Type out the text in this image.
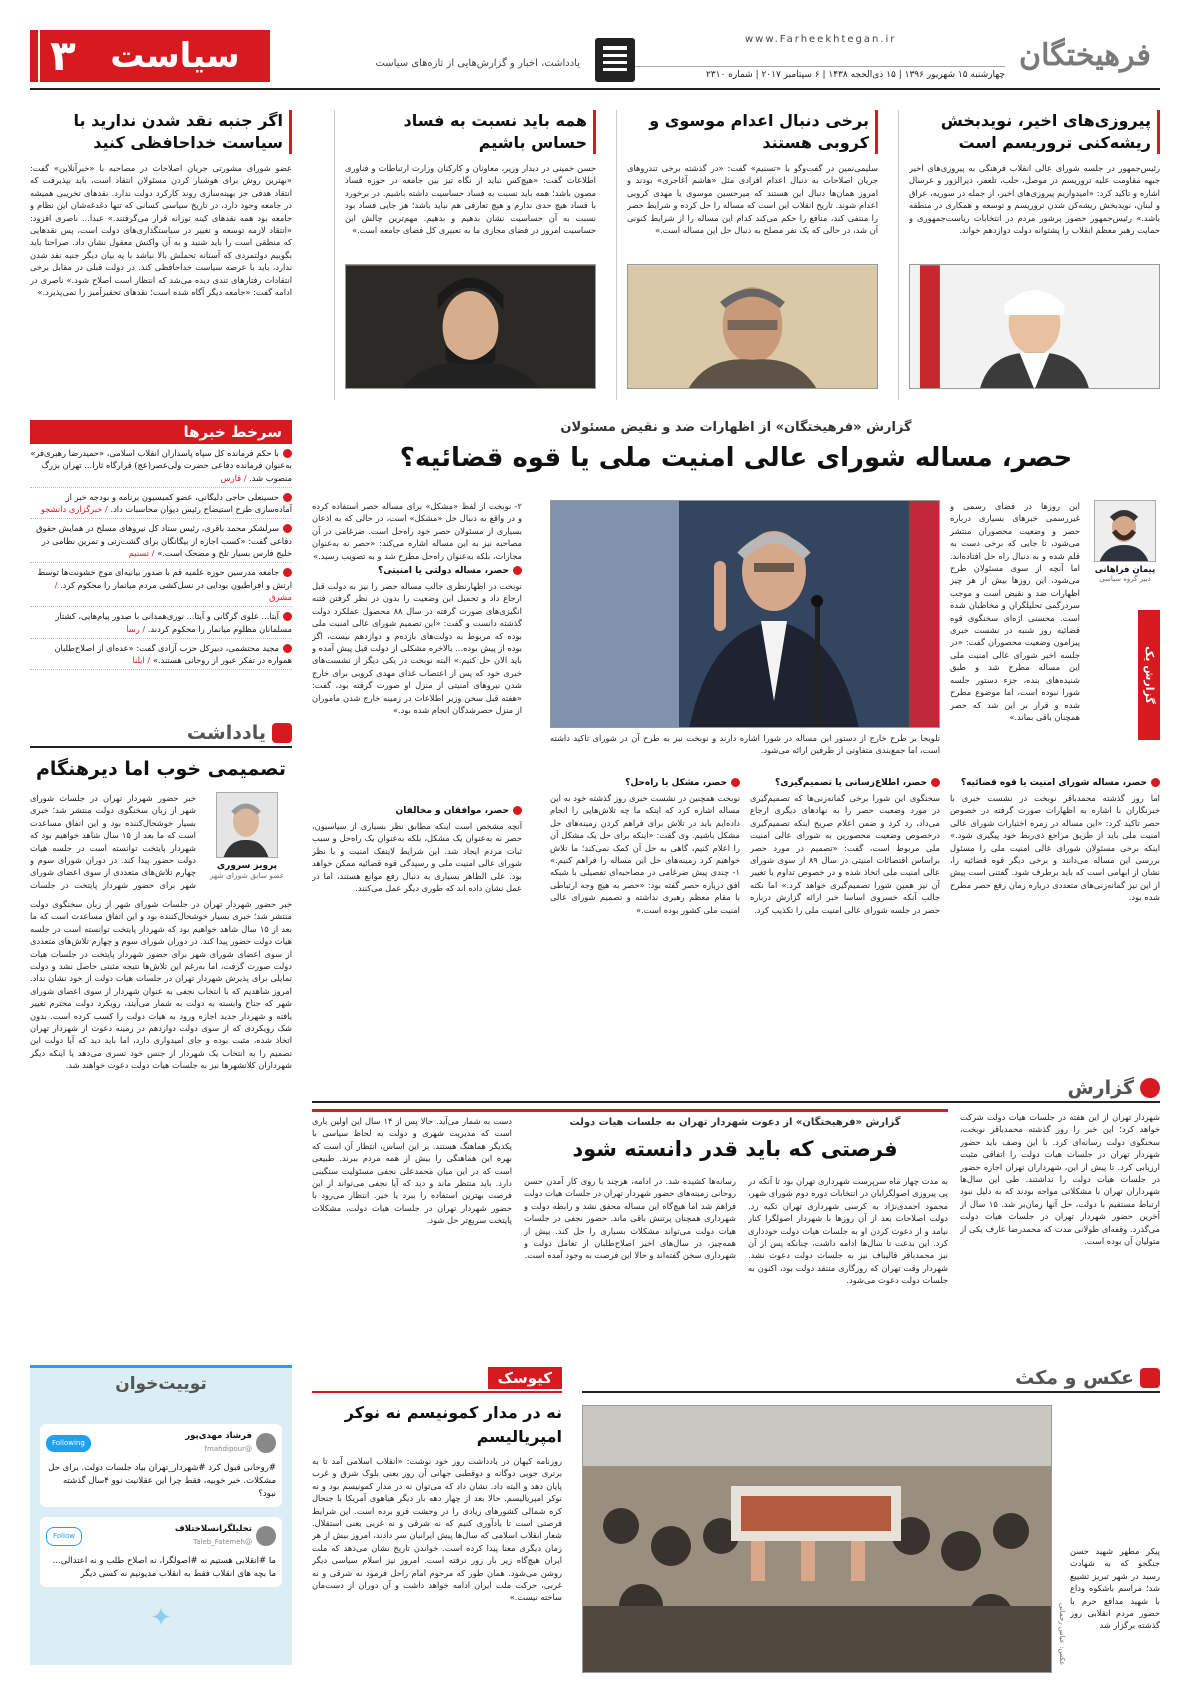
فرهیختگان
www.Farheekhtegan.ir
چهارشنبه ۱۵ شهریور ۱۳۹۶ | ۱۵ ذی‌الحجه ۱۴۳۸ | ۶ سپتامبر ۲۰۱۷ | شماره ۲۳۱۰
یادداشت، اخبار و گزارش‌هایی از تازه‌های سیاست
۳	سیاست
پیروزی‌های اخیر، نویدبخش ریشه‌کنی تروریسم است
رئیس‌جمهور در جلسه شورای عالی انقلاب فرهنگی به پیروزی‌های اخیر جبهه مقاومت علیه تروریسم در موصل، حلب، تلعفر، دیرالزور و عرسال اشاره و تاکید کرد: «امیدواریم پیروزی‌های اخیر، از جمله در سوریه، عراق و لبنان، نویدبخش ریشه‌کن شدن تروریسم و توسعه و همکاری در منطقه باشد.» رئیس‌جمهور حضور پرشور مردم در انتخابات ریاست‌جمهوری و حمایت رهبر معظم انقلاب را پشتوانه دولت دوازدهم خواند.
برخی دنبال اعدام موسوی و کروبی هستند
سلیمی‌نمین در گفت‌وگو با «تسنیم» گفت: «در گذشته برخی تندروهای جریان اصلاحات به دنبال اعدام افرادی مثل «هاشم آغاجری» بودند و امروز همان‌ها دنبال این هستند که میرحسین موسوی یا مهدی کروبی اعدام شوند. تاریخ انقلاب این است که مساله را حل کرده و شرایط حصر را منتفی کند، منافع را حکم می‌کند کدام این مساله را از شرایط کنونی آن شد، در حالی که یک نفر مصلح به دنبال حل این مساله است.»
همه باید نسبت به فساد حساس باشیم
حسن خمینی در دیدار وزیر، معاونان و کارکنان وزارت ارتباطات و فناوری اطلاعات گفت: «هیچ‌کس نباید از نگاه تیز بین جامعه در حوزه فساد مصون باشد؛ همه باید نسبت به فساد حساسیت داشته باشیم. در برخورد با فساد هیچ حدی ندارم و هیچ تعارفی هم نباید باشد؛ هر جایی فساد بود نسبت به آن حساسیت نشان بدهیم و بدهیم. مهم‌ترین چالش این حساسیت امروز در فضای مجازی ما به تعبیری کل فضای جامعه است.»
اگر جنبه نقد شدن ندارید با سیاست خداحافظی کنید
عضو شورای مشورتی جریان اصلاحات در مصاحبه با «خبرآنلاین» گفت: «بهترین روش برای هوشیار کردن مسئولان انتقاد است، باید بپذیرفت که انتقاد هدفی جز بهینه‌سازی روند کارکرد دولت ندارد. نقدهای تخریبی همیشه در جامعه وجود دارد، در تاریخ سیاسی کسانی که تنها دغدغه‌شان این نظام و جامعه بود همه نقدهای کینه توزانه قرار می‌گرفتند.» عبدا... ناصری افزود: «انتقاد لازمه توسعه و تغییر در سیاستگذاری‌های دولت است، پس نقدهایی که منطقی است را باید شنید و به آن واکنش معقول نشان داد. صراحتا باید بگوییم دولتمردی که آستانه تحملش بالا نباشد با یه بیان دیگر جنبه نقد شدن ندارد، باید با عرصه سیاست خداحافظی کند. در دولت قبلی در مقابل برخی انتقادات رفتارهای تندی دیده می‌شد که انتظار است اصلاح شود.» ناصری در ادامه گفت: «جامعه دیگر آگاه شده است؛ نقدهای تحقیرآمیز را نمی‌پذیرد.»
سرخط خبرها
با حکم فرمانده کل سپاه پاسداران انقلاب اسلامی، «حمیدرضا رهبری‌فر» به‌عنوان فرمانده دفاعی حضرت ولی‌عصر(عج) قرارگاه ثارا... تهران بزرگ منصوب شد. / فارس
حسینعلی حاجی دلیگانی، عضو کمیسیون برنامه و بودجه خبر از آماده‌سازی طرح استیضاح رئیس دیوان محاسبات داد. / خبرگزاری دانشجو
سرلشکر محمد باقری، رئیس ستاد کل نیروهای مسلح در همایش حقوق دفاعی گفت: «کسب اجازه از بیگانگان برای گشت‌زنی و تمرین نظامی در خلیج فارس بسیار تلخ و مضحک است.» / تسنیم
جامعه مدرسین حوزه علمیه قم با صدور بیانیه‌ای موج خشونت‌ها توسط ارتش و افراطیون بودایی در نسل‌کشی مردم میانمار را محکوم کرد. / مشرق
آیتا... علوی گرگانی و آیتا... نوری‌همدانی با صدور پیام‌هایی، کشتار مسلمانان مظلوم میانمار را محکوم کردند. / رسا
مجید محتشمی، دبیرکل حزب آزادی گفت: «عده‌ای از اصلاح‌طلبان همواره در تفکر عبور از روحانی هستند.» / ایلنا
یادداشت
تصمیمی خوب اما دیرهنگام
پرویز سروری
عضو سابق شورای شهر
خبر حضور شهردار تهران در جلسات شورای شهر از زبان سخنگوی دولت منتشر شد؛ خبری بسیار خوشحال‌کننده بود و این اتفاق مساعدت است که ما بعد از ۱۵ سال شاهد خواهیم بود که شهردار پایتخت توانسته است در جلسه هیات دولت حضور پیدا کند. در دوران شورای سوم و چهارم تلاش‌های متعددی از سوی اعضای شورای شهر برای حضور شهردار پایتخت در جلسات
خبر حضور شهردار تهران در جلسات شورای شهر از زبان سخنگوی دولت منتشر شد؛ خبری بسیار خوشحال‌کننده بود و این اتفاق مساعدت است که ما بعد از ۱۵ سال شاهد خواهیم بود که شهردار پایتخت توانسته است در جلسه هیات دولت حضور پیدا کند. در دوران شورای سوم و چهارم تلاش‌های متعددی از سوی اعضای شورای شهر برای حضور شهردار پایتخت در جلسات هیات دولت صورت گرفت، اما به‌رغم این تلاش‌ها نتیجه مثبتی حاصل نشد و دولت تمایلی برای پذیرش شهردار تهران در جلسات هیات دولت از خود نشان نداد. امروز شاهدیم که با انتخاب نجفی به عنوان شهردار از سوی اعضای شورای شهر که جناح وابسته به دولت به شمار می‌آیند، رویکرد دولت محترم تغییر یافته و شهردار جدید اجازه ورود به هیات دولت را کسب کرده است. بدون شک رویکردی که از سوی دولت دوازدهم در زمینه دعوت از شهردار تهران اتخاذ شده، مثبت بوده و جای امیدواری دارد، اما باید دید که آیا دولت این تصمیم را به انتخاب یک شهردار از جنس خود تسری می‌دهد یا اینکه دیگر شهرداران کلانشهرها نیز به جلسات هیات دولت دعوت خواهند شد.
گزارش «فرهیختگان» از اظهارات ضد و نقیض مسئولان
حصر، مساله شورای عالی امنیت ملی یا قوه قضائیه؟
پیمان فراهانی
دبیر گروه سیاسی
گزارش یک
این روزها در فضای رسمی و غیررسمی خبرهای بسیاری درباره حصر و وضعیت محصوران منتشر می‌شود، تا جایی که برخی دست به قلم شده و به دنبال راه حل افتاده‌اند. اما آنچه از سوی مسئولان طرح می‌شود، این روزها بیش از هر چیز اظهارات ضد و نقیض است و موجب سردرگمی تحلیلگران و مخاطبان شده است. محسنی اژه‌ای سخنگوی قوه قضائیه روز شنبه در نشست خبری پیرامون وضعیت محصوران گفت: «در جلسه اخیر شورای عالی امنیت ملی این مساله مطرح شد و طبق شنیده‌های بنده، جزء دستور جلسه شورا نبوده است، اما موضوع مطرح شده و قرار بر این شد که حصر همچنان باقی بماند.»
تلویحا بر طرح خارج از دستور این مساله در شورا اشاره دارند و نوبخت نیز به طرح آن در شورای تاکید داشته است، اما جمع‌بندی متفاوتی از طرفین ارائه می‌شود.
۲- نوبخت از لفظ «مشکل» برای مساله حصر استفاده کرده و در واقع به دنبال حل «مشکل» است، در حالی که به اذعان بسیاری از مسئولان حصر خود راه‌حل است. ضرغامی در آن مصاحبه نیز به این مساله اشاره می‌کند: «حصر نه به‌عنوان مجازات، بلکه به‌عنوان راه‌حل مطرح شد و به تصویب رسید.»
حصر، مساله دولتی یا امنیتی؟
نوبخت در اظهارنظری جالب مساله حصر را نیز به دولت قبل ارجاع داد و تحمیل این وضعیت را بدون در نظر گرفتن فتنه انگیزی‌های صورت گرفته در سال ۸۸ محصول عملکرد دولت گذشته دانست و گفت: «این تصمیم شورای عالی امنیت ملی بوده که مربوط به دولت‌های بازده‌م و دوازدهم نیست، اگر بوده از پیش بوده... بالاخره مشکلی از دولت قبل پیش آمده و باید الان حل کنیم.» البته نوبخت در یکی دیگر از نشست‌های خبری خود که پس از اعتصاب غذای مهدی کروبی برای خارج شدن نیروهای امنیتی از منزل او صورت گرفته بود، گفت: «هفته قبل سخن وزیر اطلاعات در زمینه خارج شدن ماموران از منزل حصرشدگان انجام شده بود.»
حصر، مساله شورای امنیت یا قوه قضائیه؟
اما روز گذشته محمدباقر نوبخت در نشست خبری با خبرنگاران با اشاره به اظهارات صورت گرفته در خصوص حصر تاکید کرد: «این مساله در زمره اختیارات شورای عالی امنیت ملی باید از طریق مراجع ذی‌ربط خود پیگیری شود.» اینکه برخی مسئولان شورای عالی امنیت ملی را مسئول بررسی این مساله می‌دانند و برخی دیگر قوه قضائیه را، نشان از ابهامی است که باید برطرف شود. گفتنی است پیش از این نیز گمانه‌زنی‌های متعددی درباره زمان رفع حصر مطرح شده بود.
حصر، اطلاع‌رسانی یا تصمیم‌گیری؟
سخنگوی این شورا برخی گمانه‌زنی‌ها که تصمیم‌گیری در مورد وضعیت حصر را به نهادهای دیگری ارجاع می‌داد، رد کرد و ضمن اعلام صریح اینکه تصمیم‌گیری درخصوص وضعیت محصورین به شورای عالی امنیت ملی مربوط است، گفت: «تصمیم در مورد حصر براساس اقتضائات امنیتی در سال ۸۹ از سوی شورای عالی امنیت ملی اتخاذ شده و در خصوص تداوم یا تغییر آن نیز همین شورا تصمیم‌گیری خواهد کرد.» اما نکته جالب آنکه خسروی اساسا خبر ارائه گزارش درباره حصر در جلسه شورای عالی امنیت ملی را تکذیب کرد.
حصر، مشکل یا راه‌حل؟
نوبخت همچنین در نشست خبری روز گذشته خود به این مساله اشاره کرد که اینکه ما چه تلاش‌هایی را انجام داده‌ایم باید در تلاش برای فراهم کردن زمینه‌های حل مشکل باشیم. وی گفت: «اینکه برای حل یک مشکل آن را اعلام کنیم، گاهی به حل آن کمک نمی‌کند؛ ما تلاش خواهیم کرد زمینه‌های حل این مساله را فراهم کنیم.» ۱- چندی پیش ضرغامی در مصاحبه‌ای تفصیلی با شبکه افق درباره حصر گفته بود: «حصر به هیچ وجه ارتباطی با مقام معظم رهبری نداشته و تصمیم شورای عالی امنیت ملی کشور بوده است.»
حصر، موافقان و مخالفان
آنچه مشخص است اینکه مطابق نظر بسیاری از سیاسیون، حصر نه به‌عنوان یک مشکل، بلکه به‌عنوان یک راه‌حل و سبب ثبات مردم ایجاد شد. این شرایط لاینفک امنیت و با نظر شورای عالی امنیت ملی و رسیدگی قوه قضائیه ممکن خواهد بود. علی الظاهر بسیاری به دنبال رفع موانع هستند، اما در عمل نشان داده اند که طوری دیگر عمل می‌کنند.
گزارش
گزارش «فرهیختگان» از دعوت شهردار تهران به جلسات هیات دولت
فرصتی که باید قدر دانسته شود
شهردار تهران از این هفته در جلسات هیات دولت شرکت خواهد کرد؛ این خبر را روز گذشته محمدباقر نوبخت، سخنگوی دولت رسانه‌ای کرد. با این وصف باید حضور شهردار تهران در جلسات هیات دولت را اتفاقی مثبت ارزیابی کرد. تا پیش از این، شهرداران تهران اجازه حضور در جلسات هیات دولت را نداشتند. طی این سال‌ها شهرداران تهران با مشکلاتی مواجه بودند که به دلیل نبود ارتباط مستقیم با دولت، حل آنها زمان‌بر شد. ۱۵ سال از آخرین حضور شهردار تهران در جلسات هیات دولت می‌گذرد. وقفه‌ای طولانی مدت که محمدرضا عارف یکی از متولیان آن بوده است.
به مدت چهار ماه سرپرست شهرداری تهران بود تا آنکه در پی پیروزی اصولگرایان در انتخابات دوره دوم شورای شهر، محمود احمدی‌نژاد به کرسی شهرداری تهران تکیه زد. دولت اصلاحات بعد از آن روزها با شهردار اصولگرا کنار نیامد و از دعوت کردن او به جلسات هیات دولت خودداری کرد. این بدعت تا سال‌ها ادامه داشت، چنانکه پس از آن نیز محمدباقر قالیباف نیز به جلسات دولت دعوت نشد. شهردار وقت تهران که روزگاری منتقد دولت بود، اکنون به جلسات دولت دعوت می‌شود.
رسانه‌ها کشیده شد. در ادامه، هرچند با روی کار آمدن حسن روحانی زمینه‌های حضور شهردار تهران در جلسات هیات دولت فراهم شد اما هیچ‌گاه این مساله محقق نشد و رابطه دولت و شهرداری همچنان پرتنش باقی ماند. حضور نجفی در جلسات هیات دولت می‌تواند مشکلات بسیاری را حل کند. بیش از همه‌چیز، در سال‌های اخیر اصلاح‌طلبان از تعامل دولت و شهرداری سخن گفته‌اند و حالا این فرصت به وجود آمده است.
دست به شمار می‌آید. حالا پس از ۱۴ سال این اولین باری است که مدیریت شهری و دولت به لحاظ سیاسی با یکدیگر هماهنگ هستند. بر این اساس، انتظار آن است که بهره این هماهنگی را بیش از همه مردم ببرند. طبیعی است که در این میان محمدعلی نجفی مسئولیت سنگینی دارد. باید منتظر ماند و دید که آیا نجفی می‌تواند از این فرصت بهترین استفاده را ببرد یا خیر. انتظار می‌رود با حضور شهردار تهران در جلسات هیات دولت، مشکلات پایتخت سریع‌تر حل شود.
توییت‌خوان
فرشاد مهدی‌پور
@fmahdipour
Following
#روحانی قبول کرد #شهردار_تهران بیاد جلسات دولت. برای حل مشکلات. خبر خوبیه، فقط چرا این عقلانیت نوو ۴سال گذشته نبود؟
تحلیلگرانسلاختلاف
@Taleb_Fatemeh
Follow
ما #انقلابی هستیم نه #اصولگرا، نه اصلاح طلب و نه اعتدالی... ما بچه های انقلاب فقط به انقلاب مدیونیم نه کسی دیگر
✦
کیوسک
نه در مدار کمونیسم نه نوکر امپریالیسم
روزنامه کیهان در یادداشت روز خود نوشت: «انقلاب اسلامی آمد تا به برتری جویی دوگانه و دوقطبی جهانی آن روز یعنی بلوک شرق و غرب پایان دهد و البته داد. نشان داد که می‌توان نه در مدار کمونیسم بود و نه نوکر امپریالیسم. حالا بعد از چهار دهه بار دیگر هیاهوی آمریکا با جنجال کره شمالی کشورهای زیادی را در وحشت فرو برده است. این شرایط فرصتی است تا یادآوری کنیم که نه شرقی و نه غربی یعنی استقلال. شعار انقلاب اسلامی که سال‌ها پیش ایرانیان سر دادند، امروز بیش از هر زمان دیگری معنا پیدا کرده است. خواندن تاریخ نشان می‌دهد که ملت ایران هیچ‌گاه زیر بار زور نرفته است. امروز نیز اسلام سیاسی دیگر روشن می‌شود. همان طور که مرحوم امام راحل فرمود نه شرقی و نه غربی، حرکت ملت ایران ادامه خواهد داشت و آن دوران از دست‌مان ساخته نیست.»
عکس و مکث
عکس: عباس رحمانی
پیکر مطهر شهید حسن جنگجو که به شهادت رسید در شهر تبریز تشییع شد؛ مراسم باشکوه وداع با شهید مدافع حرم با حضور مردم انقلابی روز گذشته برگزار شد
